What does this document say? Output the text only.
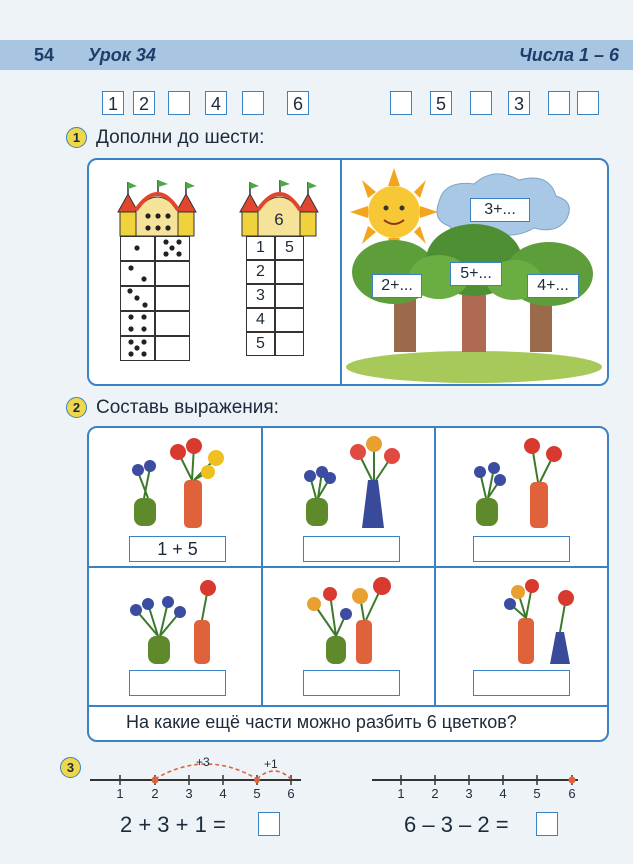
54 Урок 34	Числа 1 – 6
1	2	4	6	5	3
1 Дополни до шести:
6
1	5
2
3
4
5
3+...
2+...
5+...
4+...
2 Составь выражения:
1 + 5
На какие ещё части можно разбить 6 цветков?
3	+3	+1
1	2	3	4	5	6	1	2	3	4	5	6
2 + 3 + 1 =	6 – 3 – 2 =
